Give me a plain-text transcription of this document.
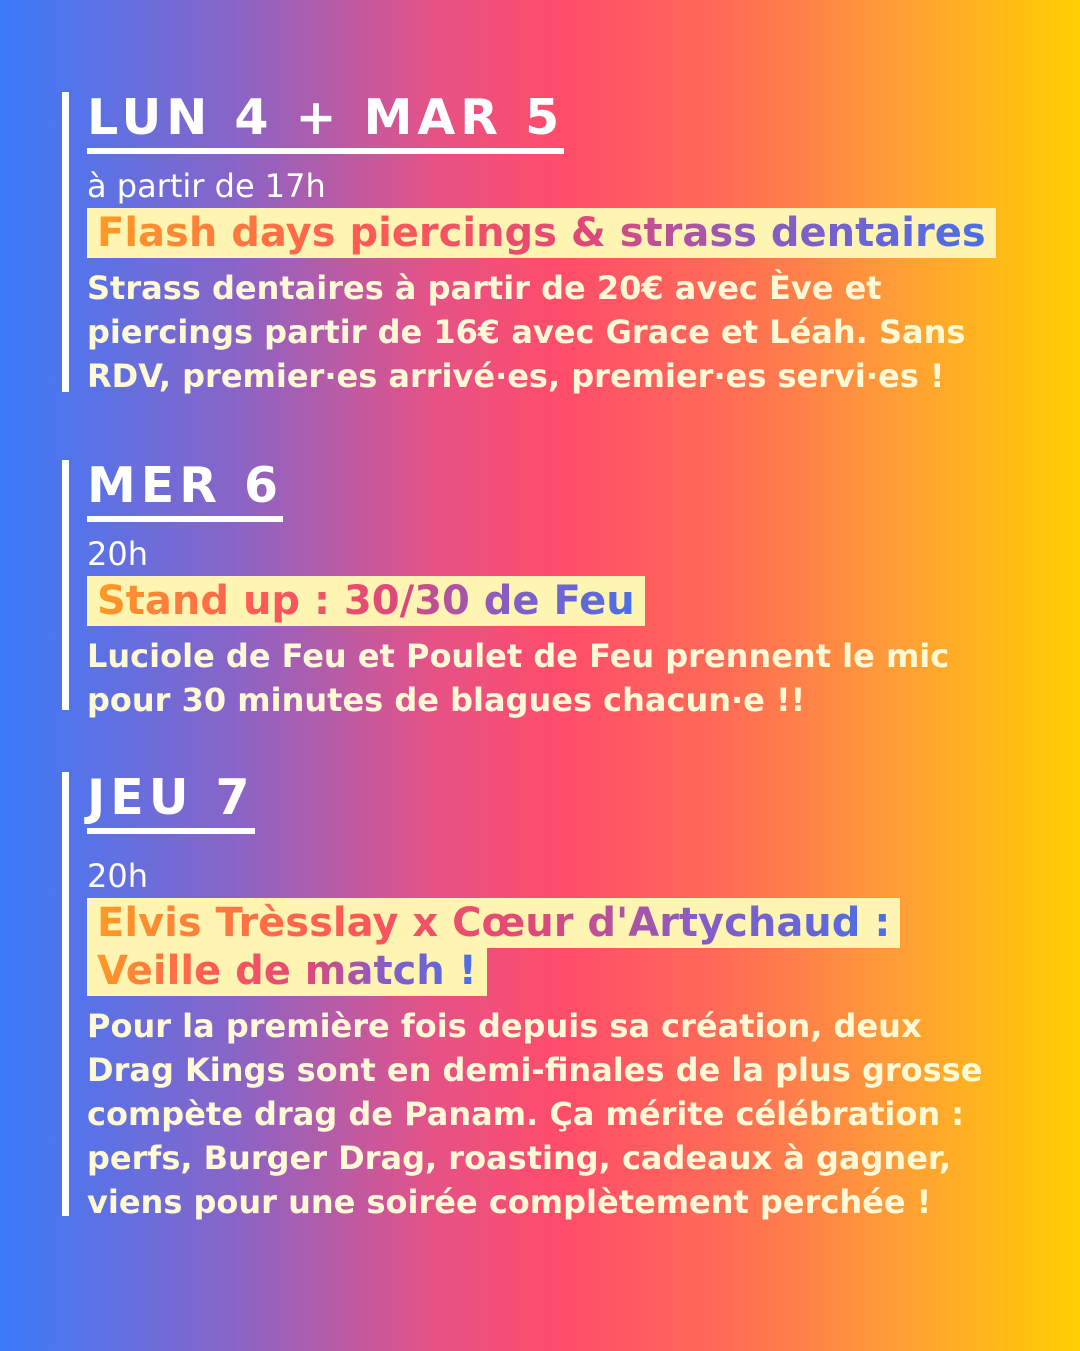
LUN 4 + MAR 5
à partir de 17h
Flash days piercings & strass dentaires
Strass dentaires à partir de 20€ avec Ève et
piercings partir de 16€ avec Grace et Léah. Sans
RDV, premier·es arrivé·es, premier·es servi·es !
MER 6
20h
Stand up : 30/30 de Feu
Luciole de Feu et Poulet de Feu prennent le mic
pour 30 minutes de blagues chacun·e !!
JEU 7
20h
Elvis Trèsslay x Cœur d'Artychaud :
Veille de match !
Pour la première fois depuis sa création, deux
Drag Kings sont en demi-finales de la plus grosse
compète drag de Panam. Ça mérite célébration :
perfs, Burger Drag, roasting, cadeaux à gagner,
viens pour une soirée complètement perchée !
